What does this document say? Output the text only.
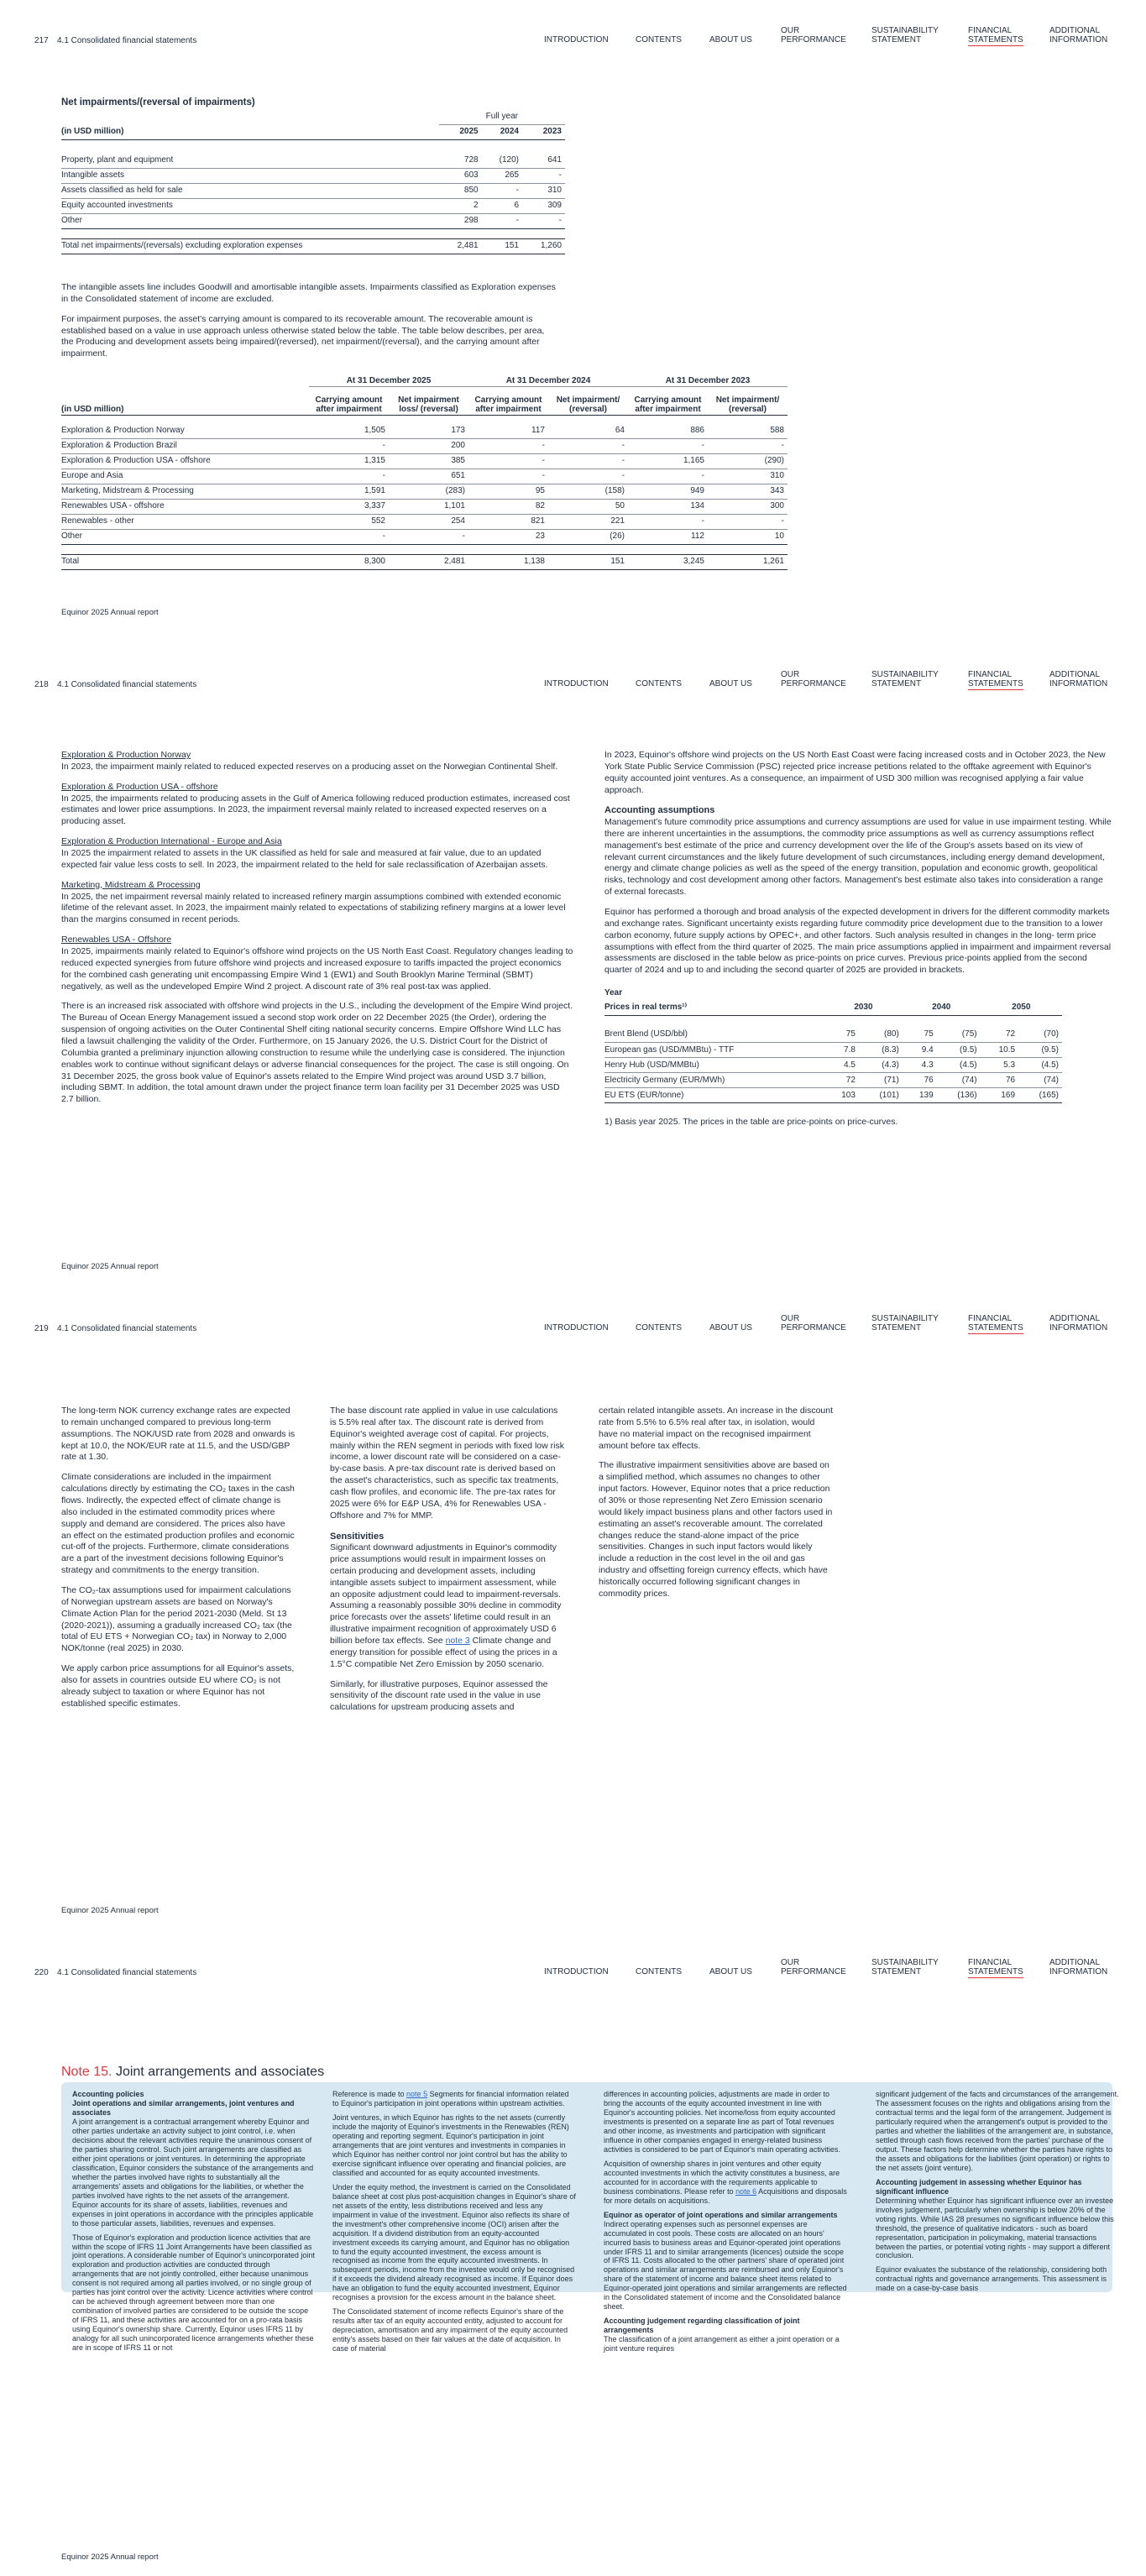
217 4.1 Consolidated financial statements	INTRODUCTION	CONTENTS	ABOUT US
OUR
PERFORMANCE
SUSTAINABILITY
STATEMENT
FINANCIAL
STATEMENTS
ADDITIONAL
INFORMATION
Net impairments/(reversal of impairments)
	Full year		
(in USD million)	2025	2024	2023

Property, plant and equipment	728	(120)	641
Intangible assets	603	265	-
Assets classified as held for sale	850	-	310
Equity accounted investments	2	6	309
Other	298	-	-

Total net impairments/(reversals) excluding exploration expenses	2,481	151	1,260

The intangible assets line includes Goodwill and amortisable intangible assets. Impairments classified as Exploration expenses in the Consolidated statement of income are excluded.

For impairment purposes, the asset's carrying amount is compared to its recoverable amount. The recoverable amount is established based on a value in use approach unless otherwise stated below the table. The table below describes, per area, the Producing and development assets being impaired/(reversed), net impairment/(reversal), and the carrying amount after impairment.

	At 31 December 2025		At 31 December 2024		At 31 December 2023	
(in USD million)	Carrying amount after impairment	Net impairment loss/ (reversal)	Carrying amount after impairment	Net impairment/ (reversal)	Carrying amount after impairment	Net impairment/ (reversal)

Exploration & Production Norway	1,505	173	117	64	886	588
Exploration & Production Brazil	-	200	-	-	-	-
Exploration & Production USA - offshore	1,315	385	-	-	1,165	(290)
Europe and Asia	-	651	-	-	-	310
Marketing, Midstream & Processing	1,591	(283)	95	(158)	949	343
Renewables USA - offshore	3,337	1,101	82	50	134	300
Renewables - other	552	254	821	221	-	-
Other	-	-	23	(26)	112	10

Total	8,300	2,481	1,138	151	3,245	1,261
Equinor 2025 Annual report
218 4.1 Consolidated financial statements	INTRODUCTION	CONTENTS	ABOUT US
OUR
PERFORMANCE
SUSTAINABILITY
STATEMENT
FINANCIAL
STATEMENTS
ADDITIONAL
INFORMATION

Exploration & Production Norway
In 2023, the impairment mainly related to reduced expected reserves on a producing asset on the Norwegian Continental Shelf.

Exploration & Production USA - offshore
In 2025, the impairments related to producing assets in the Gulf of America following reduced production estimates, increased cost estimates and lower price assumptions. In 2023, the impairment reversal mainly related to increased expected reserves on a producing asset.

Exploration & Production International - Europe and Asia
In 2025 the impairment related to assets in the UK classified as held for sale and measured at fair value, due to an updated expected fair value less costs to sell. In 2023, the impairment related to the held for sale reclassification of Azerbaijan assets.

Marketing, Midstream & Processing
In 2025, the net impairment reversal mainly related to increased refinery margin assumptions combined with extended economic lifetime of the relevant asset. In 2023, the impairment mainly related to expectations of stabilizing refinery margins at a lower level than the margins consumed in recent periods.

Renewables USA - Offshore
In 2025, impairments mainly related to Equinor's offshore wind projects on the US North East Coast. Regulatory changes leading to reduced expected synergies from future offshore wind projects and increased exposure to tariffs impacted the project economics for the combined cash generating unit encompassing Empire Wind 1 (EW1) and South Brooklyn Marine Terminal (SBMT) negatively, as well as the undeveloped Empire Wind 2 project. A discount rate of 3% real post-tax was applied.

There is an increased risk associated with offshore wind projects in the U.S., including the development of the Empire Wind project. The Bureau of Ocean Energy Management issued a second stop work order on 22 December 2025 (the Order), ordering the suspension of ongoing activities on the Outer Continental Shelf citing national security concerns. Empire Offshore Wind LLC has filed a lawsuit challenging the validity of the Order. Furthermore, on 15 January 2026, the U.S. District Court for the District of Columbia granted a preliminary injunction allowing construction to resume while the underlying case is considered. The injunction enables work to continue without significant delays or adverse financial consequences for the project. The case is still ongoing. On 31 December 2025, the gross book value of Equinor's assets related to the Empire Wind project was around USD 3.7 billion, including SBMT. In addition, the total amount drawn under the project finance term loan facility per 31 December 2025 was USD 2.7 billion.

In 2023, Equinor's offshore wind projects on the US North East Coast were facing increased costs and in October 2023, the New York State Public Service Commission (PSC) rejected price increase petitions related to the offtake agreement with Equinor's equity accounted joint ventures. As a consequence, an impairment of USD 300 million was recognised applying a fair value approach.

Accounting assumptions

Management's future commodity price assumptions and currency assumptions are used for value in use impairment testing. While there are inherent uncertainties in the assumptions, the commodity price assumptions as well as currency assumptions reflect management's best estimate of the price and currency development over the life of the Group's assets based on its view of relevant current circumstances and the likely future development of such circumstances, including energy demand development, energy and climate change policies as well as the speed of the energy transition, population and economic growth, geopolitical risks, technology and cost development among other factors. Management's best estimate also takes into consideration a range of external forecasts.

Equinor has performed a thorough and broad analysis of the expected development in drivers for the different commodity markets and exchange rates. Significant uncertainty exists regarding future commodity price development due to the transition to a lower carbon economy, future supply actions by OPEC+, and other factors. Such analysis resulted in changes in the long- term price assumptions with effect from the third quarter of 2025. The main price assumptions applied in impairment and impairment reversal assessments are disclosed in the table below as price-points on price curves. Previous price-points applied from the second quarter of 2024 and up to and including the second quarter of 2025 are provided in brackets.

Year						
Prices in real terms¹⁾	2030		2040		2050	

Brent Blend (USD/bbl)	75	(80)	75	(75)	72	(70)
European gas (USD/MMBtu) - TTF	7.8	(8.3)	9.4	(9.5)	10.5	(9.5)
Henry Hub (USD/MMBtu)	4.5	(4.3)	4.3	(4.5)	5.3	(4.5)
Electricity Germany (EUR/MWh)	72	(71)	76	(74)	76	(74)
EU ETS (EUR/tonne)	103	(101)	139	(136)	169	(165)

1) Basis year 2025. The prices in the table are price-points on price-curves.

Equinor 2025 Annual report
219 4.1 Consolidated financial statements	INTRODUCTION	CONTENTS	ABOUT US
OUR
PERFORMANCE
SUSTAINABILITY
STATEMENT
FINANCIAL
STATEMENTS
ADDITIONAL
INFORMATION

The long-term NOK currency exchange rates are expected to remain unchanged compared to previous long-term assumptions. The NOK/USD rate from 2028 and onwards is kept at 10.0, the NOK/EUR rate at 11.5, and the USD/GBP rate at 1.30.

Climate considerations are included in the impairment calculations directly by estimating the CO₂ taxes in the cash flows. Indirectly, the expected effect of climate change is also included in the estimated commodity prices where supply and demand are considered. The prices also have an effect on the estimated production profiles and economic cut-off of the projects. Furthermore, climate considerations are a part of the investment decisions following Equinor's strategy and commitments to the energy transition.

The CO₂-tax assumptions used for impairment calculations of Norwegian upstream assets are based on Norway's Climate Action Plan for the period 2021-2030 (Meld. St 13 (2020-2021)), assuming a gradually increased CO₂ tax (the total of EU ETS + Norwegian CO₂ tax) in Norway to 2,000 NOK/tonne (real 2025) in 2030.

We apply carbon price assumptions for all Equinor's assets, also for assets in countries outside EU where CO₂ is not already subject to taxation or where Equinor has not established specific estimates.

The base discount rate applied in value in use calculations is 5.5% real after tax. The discount rate is derived from Equinor's weighted average cost of capital. For projects, mainly within the REN segment in periods with fixed low risk income, a lower discount rate will be considered on a case-by-case basis. A pre-tax discount rate is derived based on the asset's characteristics, such as specific tax treatments, cash flow profiles, and economic life. The pre-tax rates for 2025 were 6% for E&P USA, 4% for Renewables USA - Offshore and 7% for MMP.

Sensitivities

Significant downward adjustments in Equinor's commodity price assumptions would result in impairment losses on certain producing and development assets, including intangible assets subject to impairment assessment, while an opposite adjustment could lead to impairment-reversals. Assuming a reasonably possible 30% decline in commodity price forecasts over the assets' lifetime could result in an illustrative impairment recognition of approximately USD 6 billion before tax effects. See note 3 Climate change and energy transition for possible effect of using the prices in a 1.5°C compatible Net Zero Emission by 2050 scenario.

Similarly, for illustrative purposes, Equinor assessed the sensitivity of the discount rate used in the value in use calculations for upstream producing assets and

certain related intangible assets. An increase in the discount rate from 5.5% to 6.5% real after tax, in isolation, would have no material impact on the recognised impairment amount before tax effects.

The illustrative impairment sensitivities above are based on a simplified method, which assumes no changes to other input factors. However, Equinor notes that a price reduction of 30% or those representing Net Zero Emission scenario would likely impact business plans and other factors used in estimating an asset's recoverable amount. The correlated changes reduce the stand-alone impact of the price sensitivities. Changes in such input factors would likely include a reduction in the cost level in the oil and gas industry and offsetting foreign currency effects, which have historically occurred following significant changes in commodity prices.

Equinor 2025 Annual report
220 4.1 Consolidated financial statements	INTRODUCTION	CONTENTS	ABOUT US
OUR
PERFORMANCE
SUSTAINABILITY
STATEMENT
FINANCIAL
STATEMENTS
ADDITIONAL
INFORMATION
Note 15. Joint arrangements and associates
Accounting policies
Joint operations and similar arrangements, joint ventures and associates

A joint arrangement is a contractual arrangement whereby Equinor and other parties undertake an activity subject to joint control, i.e. when decisions about the relevant activities require the unanimous consent of the parties sharing control. Such joint arrangements are classified as either joint operations or joint ventures. In determining the appropriate classification, Equinor considers the substance of the arrangements and whether the parties involved have rights to substantially all the arrangements' assets and obligations for the liabilities, or whether the parties involved have rights to the net assets of the arrangement. Equinor accounts for its share of assets, liabilities, revenues and expenses in joint operations in accordance with the principles applicable to those particular assets, liabilities, revenues and expenses.

Those of Equinor's exploration and production licence activities that are within the scope of IFRS 11 Joint Arrangements have been classified as joint operations. A considerable number of Equinor's unincorporated joint exploration and production activities are conducted through arrangements that are not jointly controlled, either because unanimous consent is not required among all parties involved, or no single group of parties has joint control over the activity. Licence activities where control can be achieved through agreement between more than one combination of involved parties are considered to be outside the scope of IFRS 11, and these activities are accounted for on a pro-rata basis using Equinor's ownership share. Currently, Equinor uses IFRS 11 by analogy for all such unincorporated licence arrangements whether these are in scope of IFRS 11 or not

Reference is made to note 5 Segments for financial information related to Equinor's participation in joint operations within upstream activities.

Joint ventures, in which Equinor has rights to the net assets (currently include the majority of Equinor's investments in the Renewables (REN) operating and reporting segment. Equinor's participation in joint arrangements that are joint ventures and investments in companies in which Equinor has neither control nor joint control but has the ability to exercise significant influence over operating and financial policies, are classified and accounted for as equity accounted investments.

Under the equity method, the investment is carried on the Consolidated balance sheet at cost plus post-acquisition changes in Equinor's share of net assets of the entity, less distributions received and less any impairment in value of the investment. Equinor also reflects its share of the investment's other comprehensive income (OCI) arisen after the acquisition. If a dividend distribution from an equity-accounted investment exceeds its carrying amount, and Equinor has no obligation to fund the equity accounted investment, the excess amount is recognised as income from the equity accounted investments. In subsequent periods, income from the investee would only be recognised if it exceeds the dividend already recognised as income. If Equinor does have an obligation to fund the equity accounted investment, Equinor recognises a provision for the excess amount in the balance sheet.

The Consolidated statement of income reflects Equinor's share of the results after tax of an equity accounted entity, adjusted to account for depreciation, amortisation and any impairment of the equity accounted entity's assets based on their fair values at the date of acquisition. In case of material

differences in accounting policies, adjustments are made in order to bring the accounts of the equity accounted investment in line with Equinor's accounting policies. Net income/loss from equity accounted investments is presented on a separate line as part of Total revenues and other income, as investments and participation with significant influence in other companies engaged in energy-related business activities is considered to be part of Equinor's main operating activities.

Acquisition of ownership shares in joint ventures and other equity accounted investments in which the activity constitutes a business, are accounted for in accordance with the requirements applicable to business combinations. Please refer to note 6 Acquisitions and disposals for more details on acquisitions.

Equinor as operator of joint operations and similar arrangements

Indirect operating expenses such as personnel expenses are accumulated in cost pools. These costs are allocated on an hours' incurred basis to business areas and Equinor-operated joint operations under IFRS 11 and to similar arrangements (licences) outside the scope of IFRS 11. Costs allocated to the other partners' share of operated joint operations and similar arrangements are reimbursed and only Equinor's share of the statement of income and balance sheet items related to Equinor-operated joint operations and similar arrangements are reflected in the Consolidated statement of income and the Consolidated balance sheet.

Accounting judgement regarding classification of joint arrangements

The classification of a joint arrangement as either a joint operation or a joint venture requires

significant judgement of the facts and circumstances of the arrangement. The assessment focuses on the rights and obligations arising from the contractual terms and the legal form of the arrangement. Judgement is particularly required when the arrangement's output is provided to the parties and whether the liabilities of the arrangement are, in substance, settled through cash flows received from the parties' purchase of the output. These factors help determine whether the parties have rights to the assets and obligations for the liabilities (joint operation) or rights to the net assets (joint venture).

Accounting judgement in assessing whether Equinor has significant influence

Determining whether Equinor has significant influence over an investee involves judgement, particularly when ownership is below 20% of the voting rights. While IAS 28 presumes no significant influence below this threshold, the presence of qualitative indicators - such as board representation, participation in policymaking, material transactions between the parties, or potential voting rights - may support a different conclusion.

Equinor evaluates the substance of the relationship, considering both contractual rights and governance arrangements. This assessment is made on a case-by-case basis

Equinor 2025 Annual report
